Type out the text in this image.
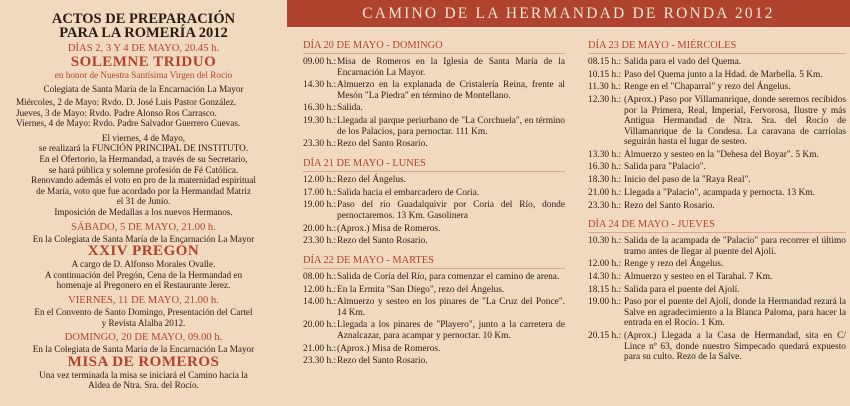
ACTOS DE PREPARACIÓN
PARA LA ROMERÍA 2012
DÍAS 2, 3 Y 4 DE MAYO, 20.45 h.
SOLEMNE TRIDUO
en honor de Nuestra Santísima Virgen del Rocío
Colegiata de Santa María de la Encarnación La Mayor
Miércoles, 2 de Mayo: Rvdo. D. José Luis Pastor González.
Jueves, 3 de Mayo: Rvdo. Padre Alonso Ros Carrasco.
Viernes, 4 de Mayo: Rvdo. Padre Salvador Guerrero Cuevas.
El viernes, 4 de Mayo,
se realizará la FUNCIÓN PRINCIPAL DE INSTITUTO.
En el Ofertorio, la Hermandad, a través de su Secretario,
se hará pública y solemne profesión de Fé Católica.
Renovando además el voto en pro de la maternidad espiritual
de María, voto que fue acordado por la Hermandad Matriz
el 31 de Junio.
Imposición de Medallas a los nuevos Hermanos.
SÁBADO, 5 DE MAYO, 21.00 h.
En la Colegiata de Santa María de la Encarnación La Mayor
XXIV PREGÓN
A cargo de D. Alfonso Morales Ovalle.
A continuación del Pregón, Cena de la Hermandad en
homenaje al Pregonero en el Restaurante Jerez.
VIERNES, 11 DE MAYO, 21.00 h.
En el Convento de Santo Domingo, Presentación del Cartel
y Revista Alalba 2012.
DOMINGO, 20 DE MAYO, 09.00 h.
En la Colegiata de Santa María de la Encarnación La Mayor
MISA DE ROMEROS
Una vez terminada la misa se iniciará el Camino hacia la
Aldea de Ntra. Sra. del Rocío.
CAMINO DE LA HERMANDAD DE RONDA 2012
DÍA 20 DE MAYO - DOMINGO
09.00 h.: Misa de Romeros en la Iglesia de Santa María de la Encarnación La Mayor.
14.30 h.: Almuerzo en la explanada de Cristalería Reina, frente al Mesón "La Piedra" en término de Montellano.
16.30 h.: Salida.
19.30 h.: Llegada al parque periurbano de "La Corchuela", en término de los Palacios, para pernoctar. 111 Km.
23.30 h.: Rezo del Santo Rosario.
DÍA 21 DE MAYO - LUNES
12.00 h.: Rezo del Ángelus.
17.00 h.: Salida hacia el embarcadero de Coria.
19.00 h.: Paso del río Guadalquivir por Coria del Río, donde pernoctaremos. 13 Km. Gasolinera
20.00 h.: (Aprox.) Misa de Romeros.
23.30 h.: Rezo del Santo Rosario.
DÍA 22 DE MAYO - MARTES
08.00 h.: Salida de Coria del Río, para comenzar el camino de arena.
12.00 h.: En la Ermita "San Diego", rezo del Ángelus.
14.00 h.: Almuerzo y sesteo en los pinares de "La Cruz del Ponce". 14 Km.
20.00 h.: Llegada a los pinares de "Playero", junto a la carretera de Aznalcazar, para acampar y pernoctar. 10 Km.
21.00 h.: (Aprox.) Misa de Romeros.
23.30 h.: Rezo del Santo Rosario.
DÍA 23 DE MAYO - MIÉRCOLES
08.15 h.: Salida para el vado del Quema.
10.15 h.: Paso del Quema junto a la Hdad. de Marbella. 5 Km.
11.30 h.: Renge en el "Chaparral" y rezo del Ángelus.
12.30 h.: (Aprox.) Paso por Villamanrique, donde seremos recibidos por la Primera, Real, Imperial, Fervorosa, Ilustre y más Antigua Hermandad de Ntra. Sra. del Rocío de Villamanrique de la Condesa. La caravana de carriolas seguirán hasta el lugar de sesteo.
13.30 h.: Almuerzo y sesteo en la "Dehesa del Boyar". 5 Km.
16.30 h.: Salida para "Palacio".
18.30 h.: Inicio del paso de la "Raya Real".
21.00 h.: Llegada a "Palacio", acampada y pernocta. 13 Km.
23.30 h.: Rezo del Santo Rosario.
DÍA 24 DE MAYO - JUEVES
10.30 h.: Salida de la acampada de "Palacio" para recorrer el último tramo antes de llegar al puente del Ajolí.
12.00 h.: Renge y rezo del Ángelus.
14.30 h.: Almuerzo y sesteo en el Tarahal. 7 Km.
18.15 h.: Salida para el puente del Ajolí.
19.00 h.: Paso por el puente del Ajolí, donde la Hermandad rezará la Salve en agradecimiento a la Blanca Paloma, para hacer la entrada en el Rocío. 1 Km.
20.15 h.: (Aprox.) Llegada a la Casa de Hermandad, sita en C/ Lince nº 63, donde nuestro Simpecado quedará expuesto para su culto. Rezo de la Salve.
